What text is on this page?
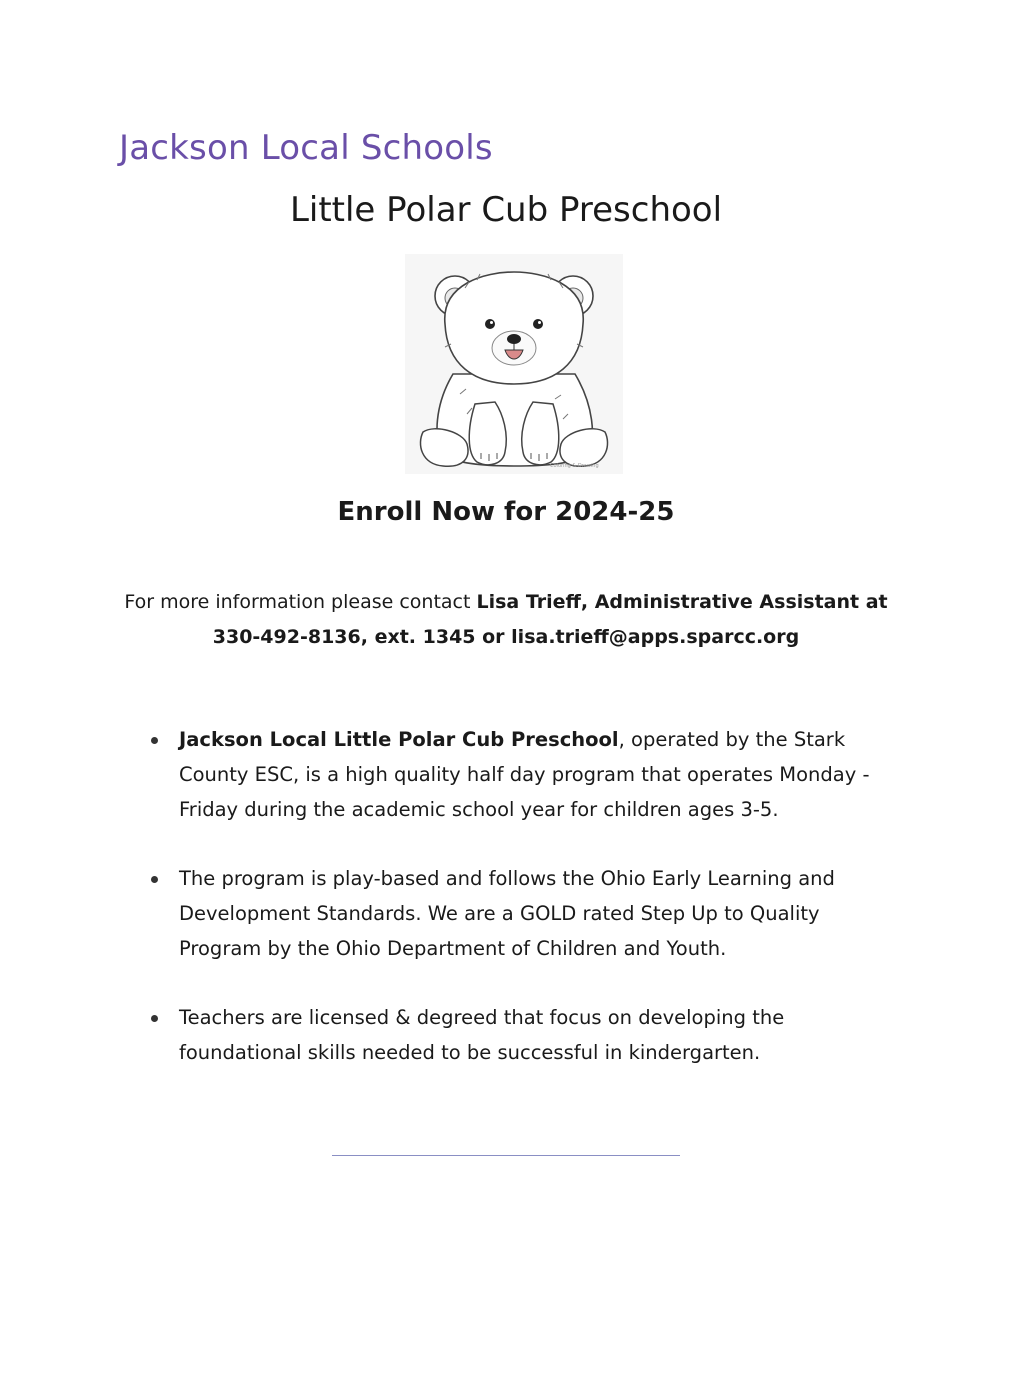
Jackson Local Schools
Little Polar Cub Preschool
Coloring & Drawing
Enroll Now for 2024-25
For more information please contact Lisa Trieff, Administrative Assistant at
330-492-8136, ext. 1345 or lisa.trieff@apps.sparcc.org
Jackson Local Little Polar Cub Preschool, operated by the Stark County ESC, is a high quality half day program that operates Monday - Friday during the academic school year for children ages 3-5.
The program is play-based and follows the Ohio Early Learning and Development Standards. We are a GOLD rated Step Up to Quality Program by the Ohio Department of Children and Youth.
Teachers are licensed & degreed that focus on developing the foundational skills needed to be successful in kindergarten.
